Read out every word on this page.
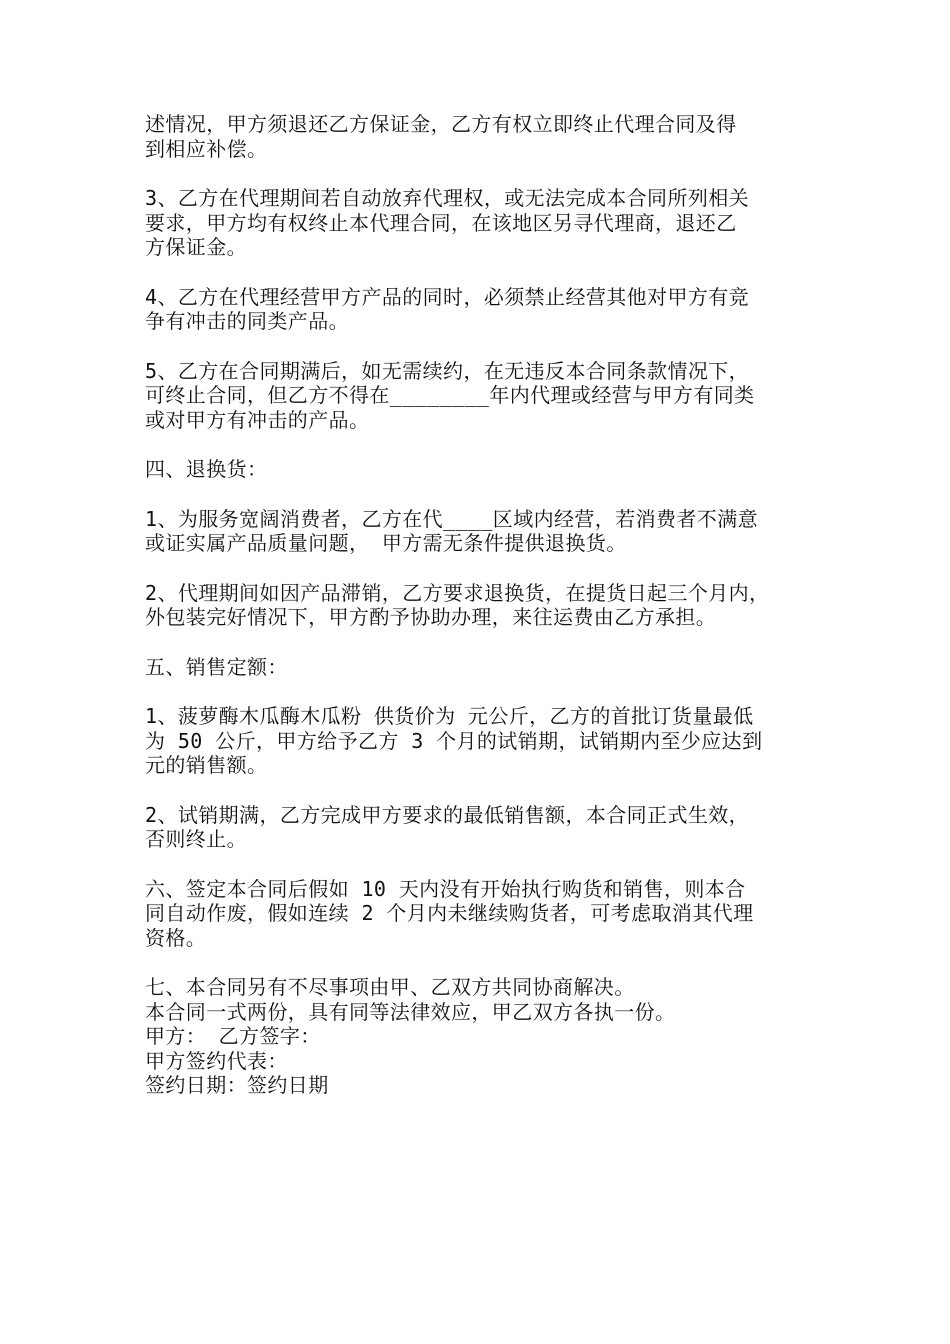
述情况，甲方须退还乙方保证金，乙方有权立即终止代理合同及得
到相应补偿。
3、乙方在代理期间若自动放弃代理权，或无法完成本合同所列相关
要求，甲方均有权终止本代理合同，在该地区另寻代理商，退还乙
方保证金。
4、乙方在代理经营甲方产品的同时，必须禁止经营其他对甲方有竞
争有冲击的同类产品。
5、乙方在合同期满后，如无需续约，在无违反本合同条款情况下，
可终止合同，但乙方不得在________年内代理或经营与甲方有同类
或对甲方有冲击的产品。
四、退换货：
1、为服务宽阔消费者，乙方在代____区域内经营，若消费者不满意
或证实属产品质量问题， 甲方需无条件提供退换货。
2、代理期间如因产品滞销，乙方要求退换货，在提货日起三个月内，
外包装完好情况下，甲方酌予协助办理，来往运费由乙方承担。
五、销售定额：
1、菠萝酶木瓜酶木瓜粉 供货价为 元公斤，乙方的首批订货量最低
为 50 公斤，甲方给予乙方 3 个月的试销期，试销期内至少应达到
元的销售额。
2、试销期满，乙方完成甲方要求的最低销售额，本合同正式生效，
否则终止。
六、签定本合同后假如 10 天内没有开始执行购货和销售，则本合
同自动作废，假如连续 2 个月内未继续购货者，可考虑取消其代理
资格。
七、本合同另有不尽事项由甲、乙双方共同协商解决。
本合同一式两份，具有同等法律效应，甲乙双方各执一份。
甲方： 乙方签字：
甲方签约代表：
签约日期：签约日期
